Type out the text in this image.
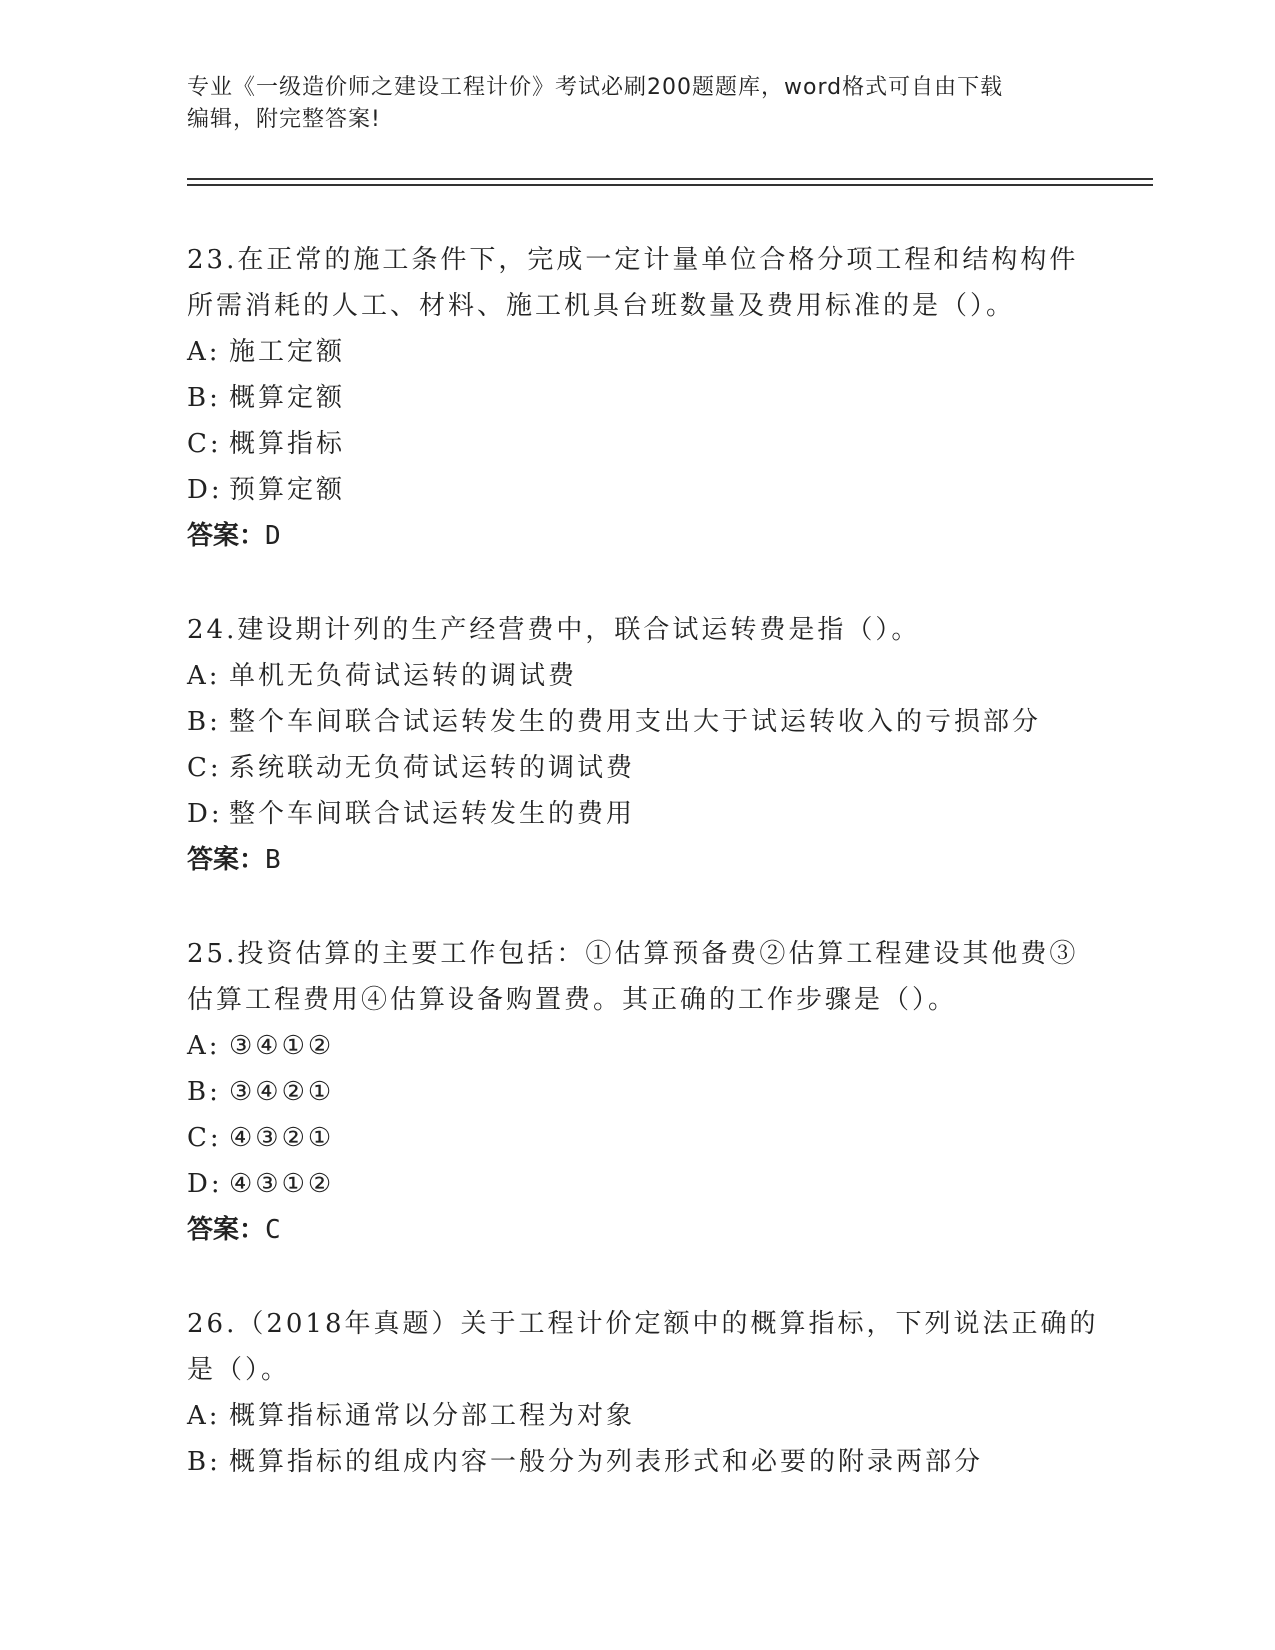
专业《一级造价师之建设工程计价》考试必刷200题题库，word格式可自由下载
编辑，附完整答案!
23.在正常的施工条件下，完成一定计量单位合格分项工程和结构构件
所需消耗的人工、材料、施工机具台班数量及费用标准的是（）。
A: 施工定额
B: 概算定额
C: 概算指标
D: 预算定额
答案：D
24.建设期计列的生产经营费中，联合试运转费是指（）。
A: 单机无负荷试运转的调试费
B: 整个车间联合试运转发生的费用支出大于试运转收入的亏损部分
C: 系统联动无负荷试运转的调试费
D: 整个车间联合试运转发生的费用
答案：B
25.投资估算的主要工作包括：①估算预备费②估算工程建设其他费③
估算工程费用④估算设备购置费。其正确的工作步骤是（）。
A: ③④①②
B: ③④②①
C: ④③②①
D: ④③①②
答案：C
26.（2018年真题）关于工程计价定额中的概算指标，下列说法正确的
是（）。
A: 概算指标通常以分部工程为对象
B: 概算指标的组成内容一般分为列表形式和必要的附录两部分
